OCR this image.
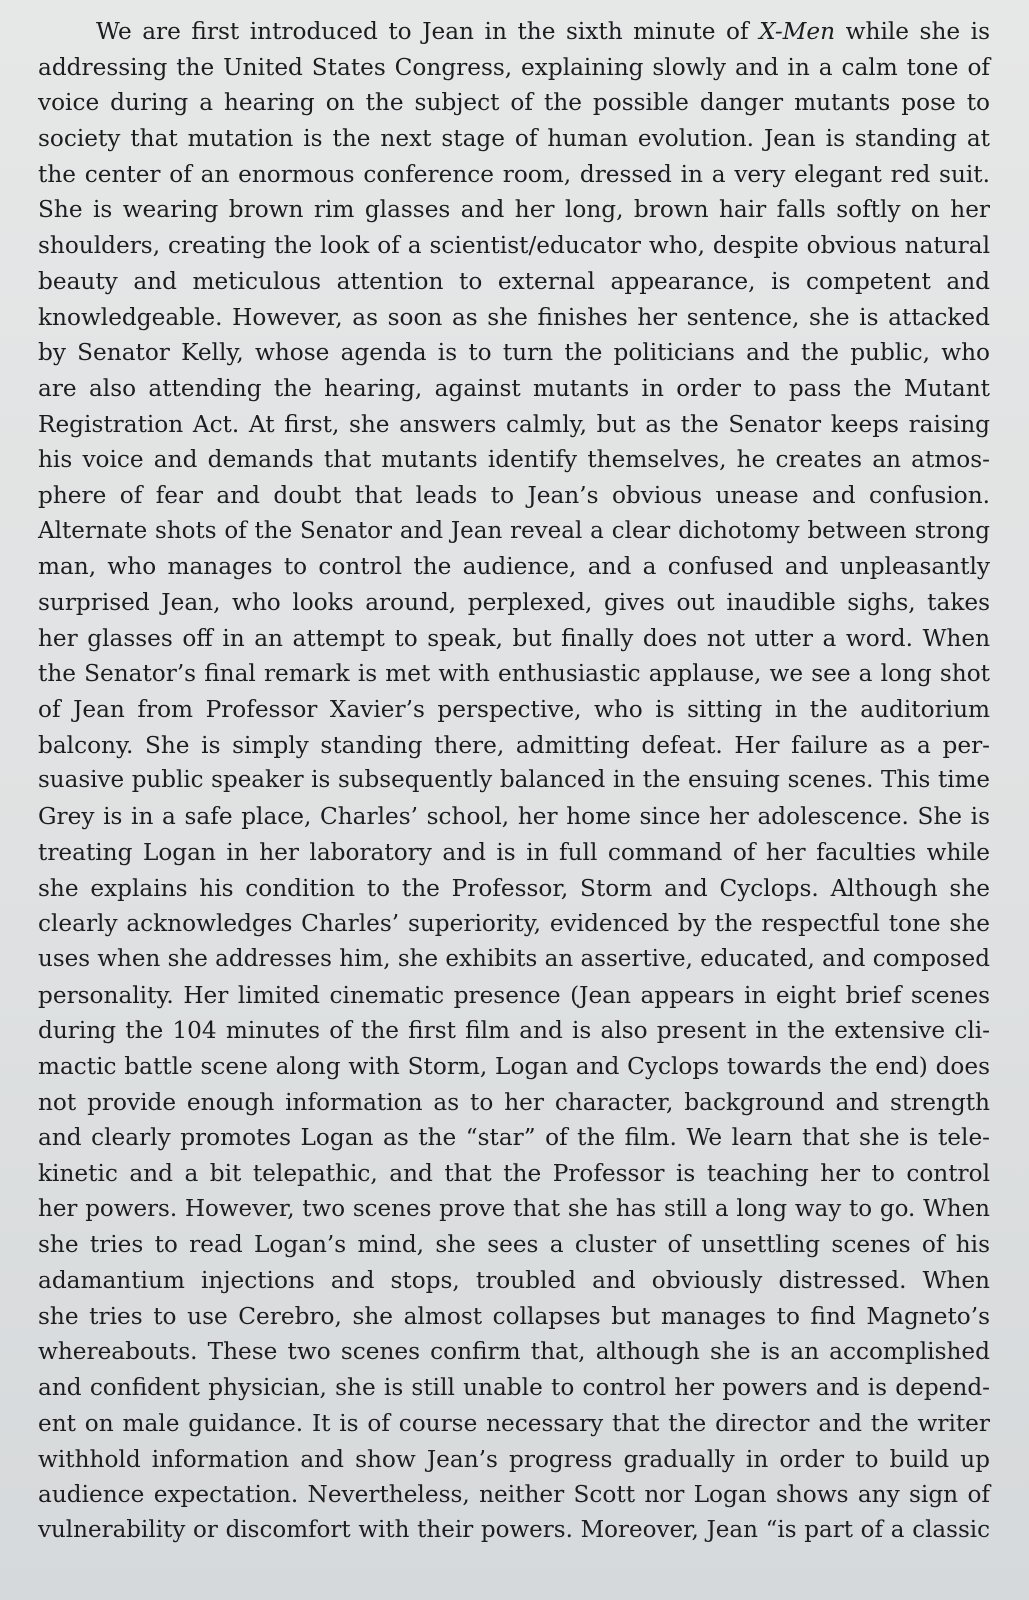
We are first introduced to Jean in the sixth minute of X-Men while she is
addressing the United States Congress, explaining slowly and in a calm tone of
voice during a hearing on the subject of the possible danger mutants pose to
society that mutation is the next stage of human evolution. Jean is standing at
the center of an enormous conference room, dressed in a very elegant red suit.
She is wearing brown rim glasses and her long, brown hair falls softly on her
shoulders, creating the look of a scientist/educator who, despite obvious natural
beauty and meticulous attention to external appearance, is competent and
knowledgeable. However, as soon as she finishes her sentence, she is attacked
by Senator Kelly, whose agenda is to turn the politicians and the public, who
are also attending the hearing, against mutants in order to pass the Mutant
Registration Act. At first, she answers calmly, but as the Senator keeps raising
his voice and demands that mutants identify themselves, he creates an atmos-
phere of fear and doubt that leads to Jean’s obvious unease and confusion.
Alternate shots of the Senator and Jean reveal a clear dichotomy between strong
man, who manages to control the audience, and a confused and unpleasantly
surprised Jean, who looks around, perplexed, gives out inaudible sighs, takes
her glasses off in an attempt to speak, but finally does not utter a word. When
the Senator’s final remark is met with enthusiastic applause, we see a long shot
of Jean from Professor Xavier’s perspective, who is sitting in the auditorium
balcony. She is simply standing there, admitting defeat. Her failure as a per-
suasive public speaker is subsequently balanced in the ensuing scenes. This time
Grey is in a safe place, Charles’ school, her home since her adolescence. She is
treating Logan in her laboratory and is in full command of her faculties while
she explains his condition to the Professor, Storm and Cyclops. Although she
clearly acknowledges Charles’ superiority, evidenced by the respectful tone she
uses when she addresses him, she exhibits an assertive, educated, and composed
personality. Her limited cinematic presence (Jean appears in eight brief scenes
during the 104 minutes of the first film and is also present in the extensive cli-
mactic battle scene along with Storm, Logan and Cyclops towards the end) does
not provide enough information as to her character, background and strength
and clearly promotes Logan as the “star” of the film. We learn that she is tele-
kinetic and a bit telepathic, and that the Professor is teaching her to control
her powers. However, two scenes prove that she has still a long way to go. When
she tries to read Logan’s mind, she sees a cluster of unsettling scenes of his
adamantium injections and stops, troubled and obviously distressed. When
she tries to use Cerebro, she almost collapses but manages to find Magneto’s
whereabouts. These two scenes confirm that, although she is an accomplished
and confident physician, she is still unable to control her powers and is depend-
ent on male guidance. It is of course necessary that the director and the writer
withhold information and show Jean’s progress gradually in order to build up
audience expectation. Nevertheless, neither Scott nor Logan shows any sign of
vulnerability or discomfort with their powers. Moreover, Jean “is part of a classic
